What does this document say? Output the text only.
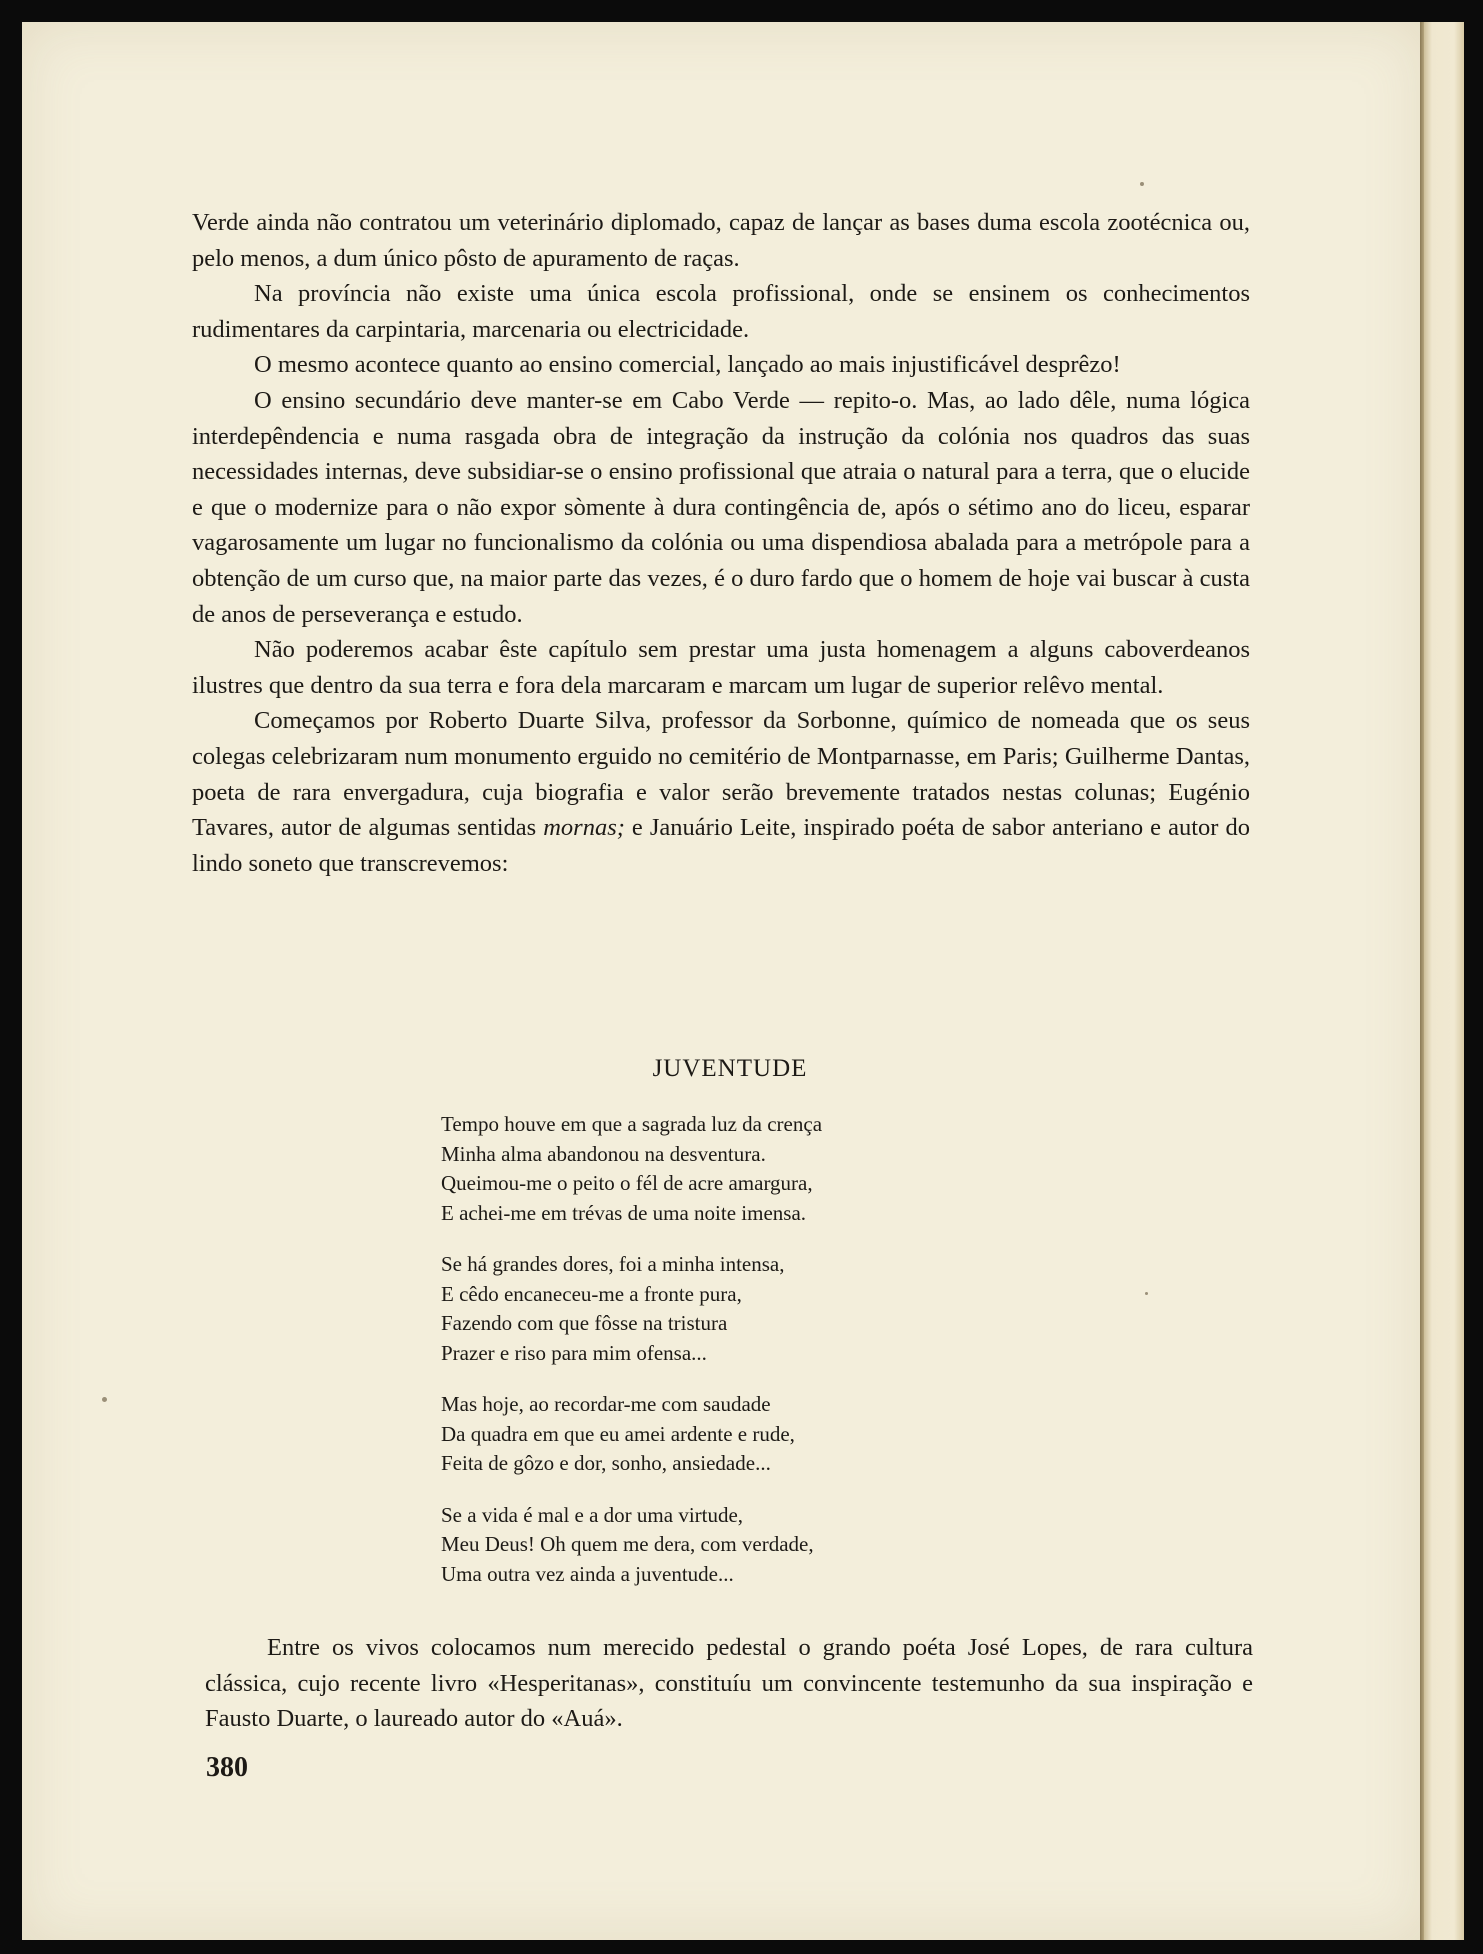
Verde ainda não contratou um veterinário diplomado, capaz de lançar as bases duma escola zootécnica ou, pelo menos, a dum único pôsto de apuramento de raças.

Na província não existe uma única escola profissional, onde se ensinem os conhecimentos rudimentares da carpintaria, marcenaria ou electricidade.

O mesmo acontece quanto ao ensino comercial, lançado ao mais injustificável desprêzo!

O ensino secundário deve manter-se em Cabo Verde — repito-o. Mas, ao lado dêle, numa lógica interdepêndencia e numa rasgada obra de integração da instrução da colónia nos quadros das suas necessidades internas, deve subsidiar-se o ensino profissional que atraia o natural para a terra, que o elucide e que o modernize para o não expor sòmente à dura contingência de, após o sétimo ano do liceu, esparar vagarosamente um lugar no funcionalismo da colónia ou uma dispendiosa abalada para a metrópole para a obtenção de um curso que, na maior parte das vezes, é o duro fardo que o homem de hoje vai buscar à custa de anos de perseverança e estudo.

Não poderemos acabar êste capítulo sem prestar uma justa homenagem a alguns caboverdeanos ilustres que dentro da sua terra e fora dela marcaram e marcam um lugar de superior relêvo mental.

Começamos por Roberto Duarte Silva, professor da Sorbonne, químico de nomeada que os seus colegas celebrizaram num monumento erguido no cemitério de Montparnasse, em Paris; Guilherme Dantas, poeta de rara envergadura, cuja biografia e valor serão brevemente tratados nestas colunas; Eugénio Tavares, autor de algumas sentidas mornas; e Januário Leite, inspirado poéta de sabor anteriano e autor do lindo soneto que transcrevemos:

JUVENTUDE

Tempo houve em que a sagrada luz da crença
Minha alma abandonou na desventura.
Queimou-me o peito o fél de acre amargura,
E achei-me em trévas de uma noite imensa.

Se há grandes dores, foi a minha intensa,
E cêdo encaneceu-me a fronte pura,
Fazendo com que fôsse na tristura
Prazer e riso para mim ofensa...

Mas hoje, ao recordar-me com saudade
Da quadra em que eu amei ardente e rude,
Feita de gôzo e dor, sonho, ansiedade...

Se a vida é mal e a dor uma virtude,
Meu Deus! Oh quem me dera, com verdade,
Uma outra vez ainda a juventude...

Entre os vivos colocamos num merecido pedestal o grando poéta José Lopes, de rara cultura clássica, cujo recente livro «Hesperitanas», constituíu um convincente testemunho da sua inspiração e Fausto Duarte, o laureado autor do «Auá».

380
